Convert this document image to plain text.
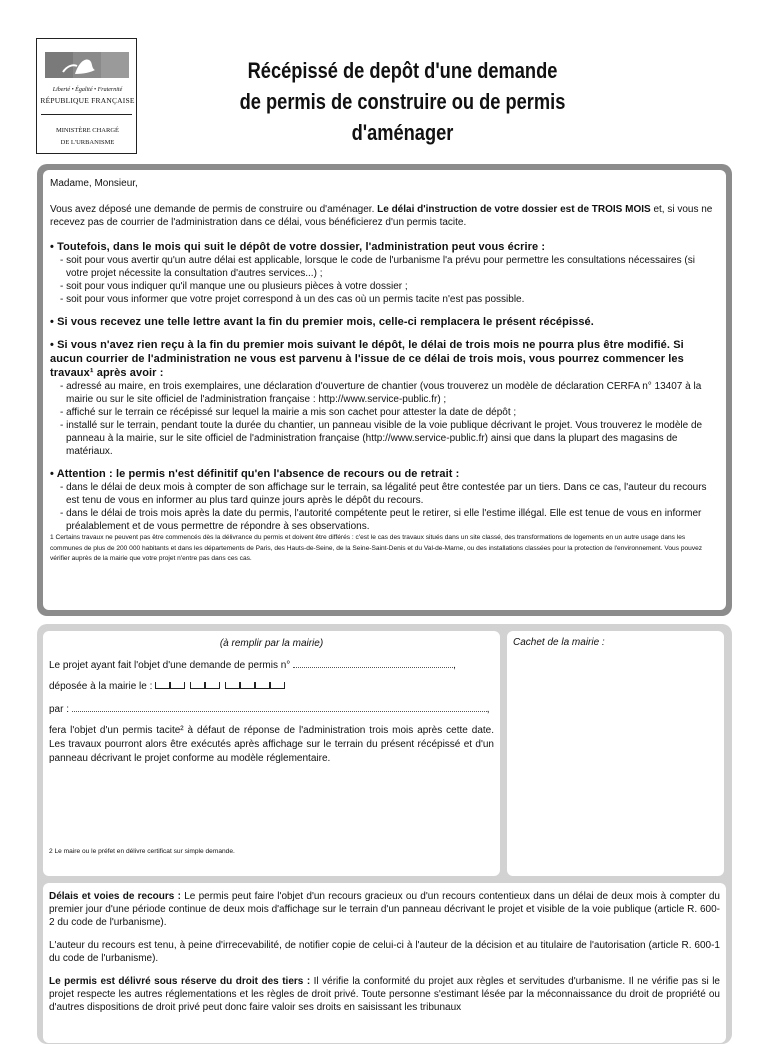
Liberté • Égalité • Fraternité
RÉPUBLIQUE FRANÇAISE
MINISTÈRE CHARGÉ
DE L'URBANISME
Récépissé de depôt d'une demande
de permis de construire ou de permis d'aménager

Madame, Monsieur,

Vous avez déposé une demande de permis de construire ou d'aménager. Le délai d'instruction de votre dossier est de TROIS MOIS et, si vous ne recevez pas de courrier de l'administration dans ce délai, vous bénéficierez d'un permis tacite.

• Toutefois, dans le mois qui suit le dépôt de votre dossier, l'administration peut vous écrire :

- soit pour vous avertir qu'un autre délai est applicable, lorsque le code de l'urbanisme l'a prévu pour permettre les consultations nécessaires (si votre projet nécessite la consultation d'autres services...) ;

- soit pour vous indiquer qu'il manque une ou plusieurs pièces à votre dossier ;

- soit pour vous informer que votre projet correspond à un des cas où un permis tacite n'est pas possible.

• Si vous recevez une telle lettre avant la fin du premier mois, celle-ci remplacera le présent récépissé.

• Si vous n'avez rien reçu à la fin du premier mois suivant le dépôt, le délai de trois mois ne pourra plus être modifié. Si aucun courrier de l'administration ne vous est parvenu à l'issue de ce délai de trois mois, vous pourrez commencer les travaux¹ après avoir :

- adressé au maire, en trois exemplaires, une déclaration d'ouverture de chantier (vous trouverez un modèle de déclaration CERFA n° 13407 à la mairie ou sur le site officiel de l'administration française : http://www.service-public.fr) ;

- affiché sur le terrain ce récépissé sur lequel la mairie a mis son cachet pour attester la date de dépôt ;

- installé sur le terrain, pendant toute la durée du chantier, un panneau visible de la voie publique décrivant le projet. Vous trouverez le modèle de panneau à la mairie, sur le site officiel de l'administration française (http://www.service-public.fr) ainsi que dans la plupart des magasins de matériaux.

• Attention : le permis n'est définitif qu'en l'absence de recours ou de retrait :

- dans le délai de deux mois à compter de son affichage sur le terrain, sa légalité peut être contestée par un tiers. Dans ce cas, l'auteur du recours est tenu de vous en informer au plus tard quinze jours après le dépôt du recours.

- dans le délai de trois mois après la date du permis, l'autorité compétente peut le retirer, si elle l'estime illégal. Elle est tenue de vous en informer préalablement et de vous permettre de répondre à ses observations.

1 Certains travaux ne peuvent pas être commencés dès la délivrance du permis et doivent être différés : c'est le cas des travaux situés dans un site classé, des transformations de logements en un autre usage dans les communes de plus de 200 000 habitants et dans les départements de Paris, des Hauts-de-Seine, de la Seine-Saint-Denis et du Val-de-Marne, ou des installations classées pour la protection de l'environnement. Vous pouvez vérifier auprès de la mairie que votre projet n'entre pas dans ces cas.

(à remplir par la mairie)
Le projet ayant fait l'objet d'une demande de permis n°	,
déposée à la mairie le :
par :	,

fera l'objet d'un permis tacite² à défaut de réponse de l'administration trois mois après cette date. Les travaux pourront alors être exécutés après affichage sur le terrain du présent récépissé et d'un panneau décrivant le projet conforme au modèle réglementaire.

2 Le maire ou le préfet en délivre certificat sur simple demande.
Cachet de la mairie :

Délais et voies de recours : Le permis peut faire l'objet d'un recours gracieux ou d'un recours contentieux dans un délai de deux mois à compter du premier jour d'une période continue de deux mois d'affichage sur le terrain d'un panneau décrivant le projet et visible de la voie publique (article R. 600-2 du code de l'urbanisme).

L'auteur du recours est tenu, à peine d'irrecevabilité, de notifier copie de celui-ci à l'auteur de la décision et au titulaire de l'autorisation (article R. 600-1 du code de l'urbanisme).

Le permis est délivré sous réserve du droit des tiers : Il vérifie la conformité du projet aux règles et servitudes d'urbanisme. Il ne vérifie pas si le projet respecte les autres réglementations et les règles de droit privé. Toute personne s'estimant lésée par la méconnaissance du droit de propriété ou d'autres dispositions de droit privé peut donc faire valoir ses droits en saisissant les tribunaux
